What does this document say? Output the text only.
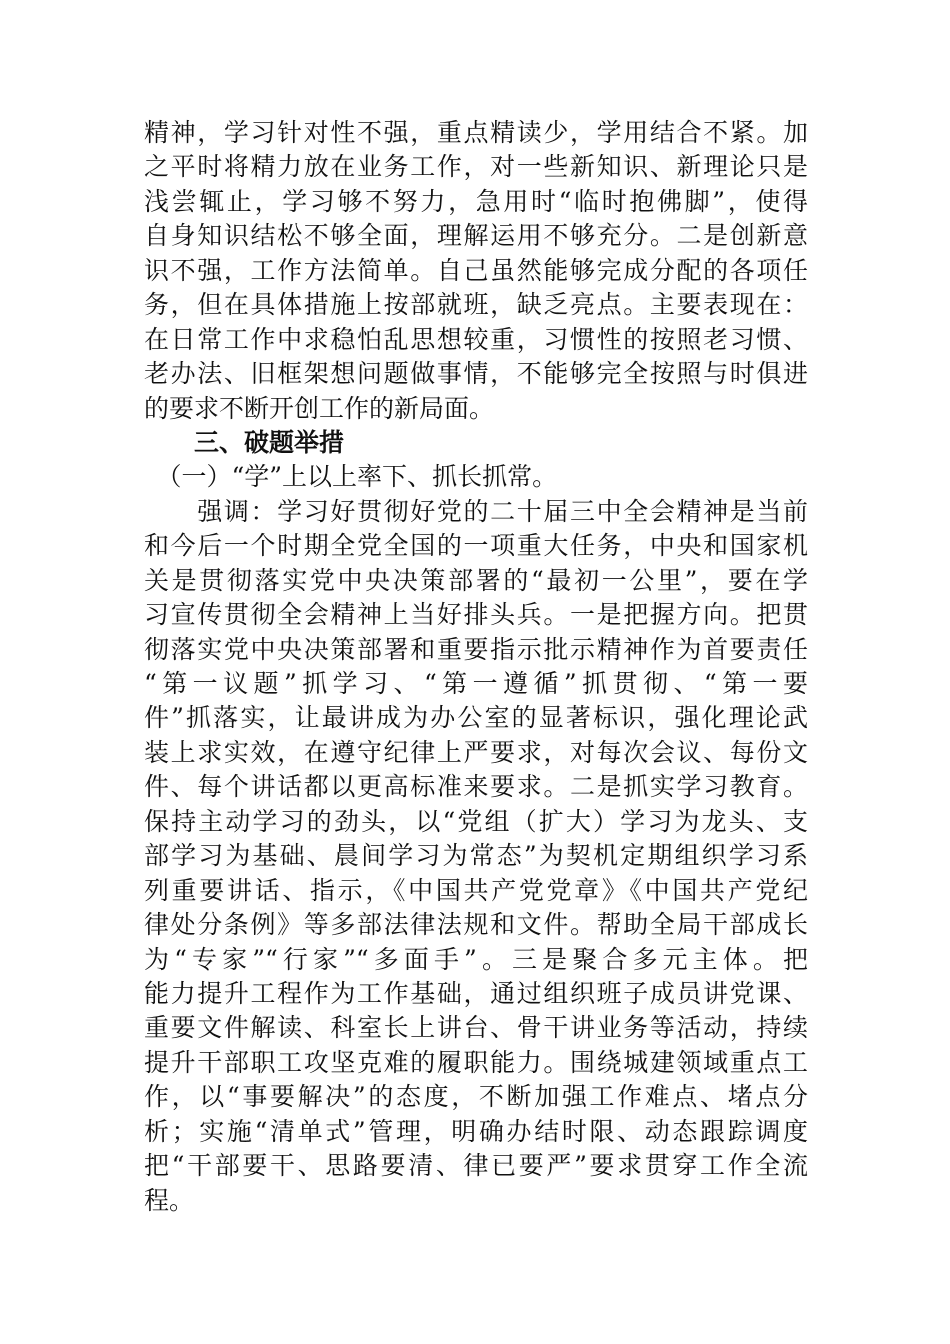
精神，学习针对性不强，重点精读少，学用结合不紧。加
之平时将精力放在业务工作，对一些新知识、新理论只是
浅尝辄止，学习够不努力，急用时“临时抱佛脚”，使得
自身知识结松不够全面，理解运用不够充分。二是创新意
识不强，工作方法简单。自己虽然能够完成分配的各项任
务，但在具体措施上按部就班，缺乏亮点。主要表现在：
在日常工作中求稳怕乱思想较重，习惯性的按照老习惯、
老办法、旧框架想问题做事情，不能够完全按照与时俱进
的要求不断开创工作的新局面。
　　三、破题举措
　（一）“学”上以上率下、抓长抓常。
　　强调：学习好贯彻好党的二十届三中全会精神是当前
和今后一个时期全党全国的一项重大任务，中央和国家机
关是贯彻落实党中央决策部署的“最初一公里”，要在学
习宣传贯彻全会精神上当好排头兵。一是把握方向。把贯
彻落实党中央决策部署和重要指示批示精神作为首要责任
“第一议题”抓学习、“第一遵循”抓贯彻、“第一要
件”抓落实，让最讲成为办公室的显著标识，强化理论武
装上求实效，在遵守纪律上严要求，对每次会议、每份文
件、每个讲话都以更高标准来要求。二是抓实学习教育。
保持主动学习的劲头，以“党组（扩大）学习为龙头、支
部学习为基础、晨间学习为常态”为契机定期组织学习系
列重要讲话、指示，《中国共产党党章》《中国共产党纪
律处分条例》等多部法律法规和文件。帮助全局干部成长
为“专家”“行家”“多面手”。三是聚合多元主体。把
能力提升工程作为工作基础，通过组织班子成员讲党课、
重要文件解读、科室长上讲台、骨干讲业务等活动，持续
提升干部职工攻坚克难的履职能力。围绕城建领域重点工
作，以“事要解决”的态度，不断加强工作难点、堵点分
析；实施“清单式”管理，明确办结时限、动态跟踪调度
把“干部要干、思路要清、律已要严”要求贯穿工作全流
程。
